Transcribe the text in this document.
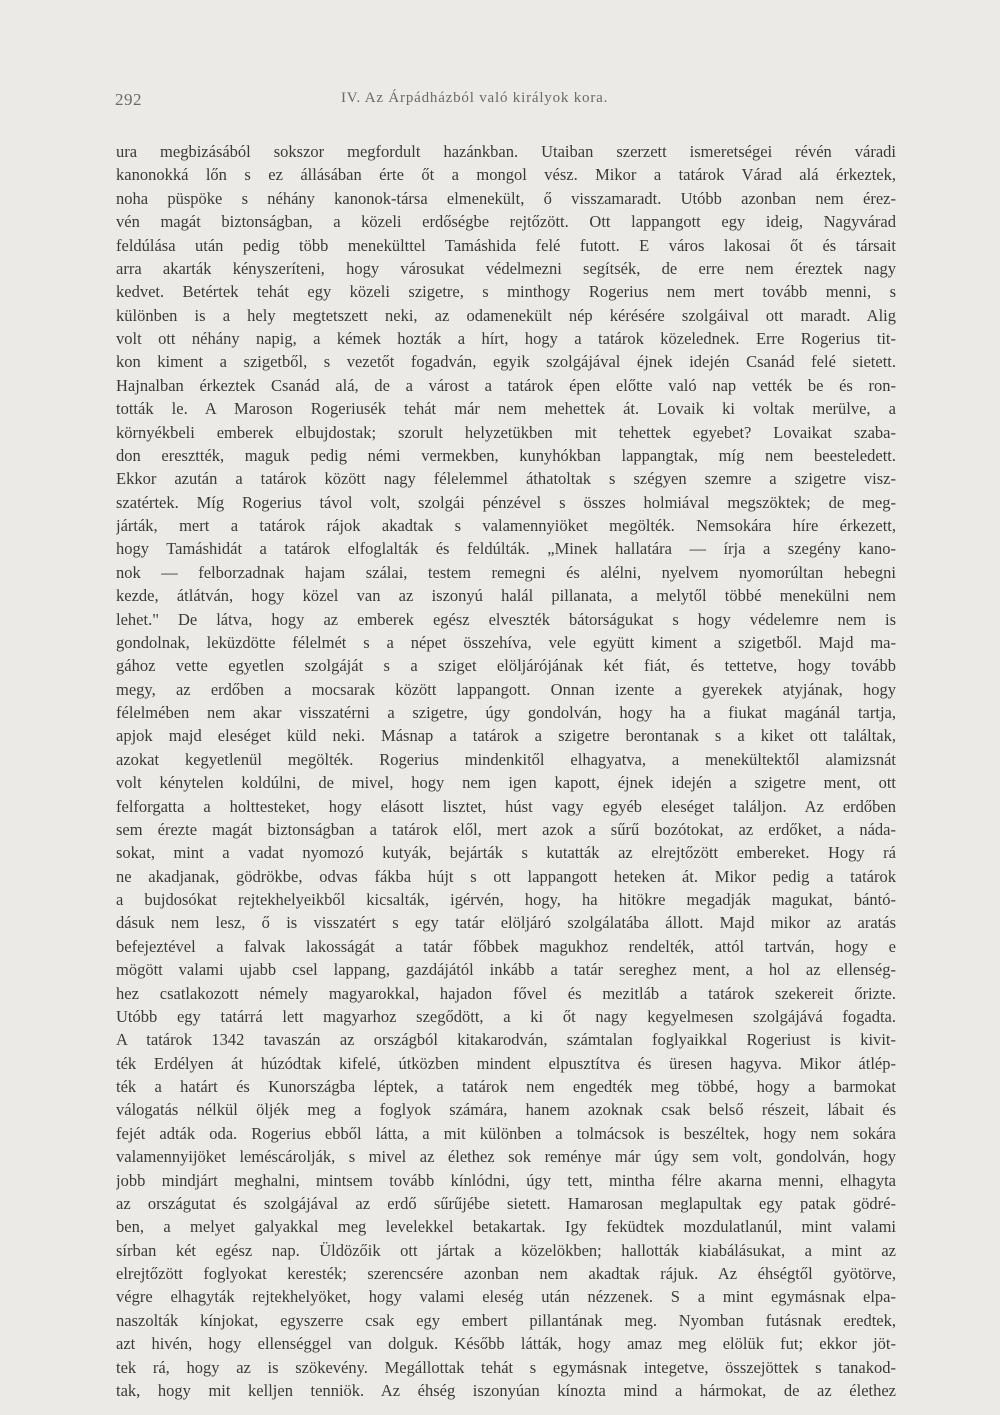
292	IV. Az Árpádházból való királyok kora.
ura megbizásából sokszor megfordult hazánkban. Utaiban szerzett ismeretségei révén váradi
kanonokká lőn s ez állásában érte őt a mongol vész. Mikor a tatárok Várad alá érkeztek,
noha püspöke s néhány kanonok-társa elmenekült, ő visszamaradt. Utóbb azonban nem érez-
vén magát biztonságban, a közeli erdőségbe rejtőzött. Ott lappangott egy ideig, Nagyvárad
feldúlása után pedig több menekülttel Tamáshida felé futott. E város lakosai őt és társait
arra akarták kényszeríteni, hogy városukat védelmezni segítsék, de erre nem éreztek nagy
kedvet. Betértek tehát egy közeli szigetre, s minthogy Rogerius nem mert tovább menni, s
különben is a hely megtetszett neki, az odamenekült nép kérésére szolgáival ott maradt. Alig
volt ott néhány napig, a kémek hozták a hírt, hogy a tatárok közelednek. Erre Rogerius tit-
kon kiment a szigetből, s vezetőt fogadván, egyik szolgájával éjnek idején Csanád felé sietett.
Hajnalban érkeztek Csanád alá, de a várost a tatárok épen előtte való nap vették be és ron-
tották le. A Maroson Rogeriusék tehát már nem mehettek át. Lovaik ki voltak merülve, a
környékbeli emberek elbujdostak; szorult helyzetükben mit tehettek egyebet? Lovaikat szaba-
don eresztték, maguk pedig némi vermekben, kunyhókban lappangtak, míg nem beesteledett.
Ekkor azután a tatárok között nagy félelemmel áthatoltak s szégyen szemre a szigetre visz-
szatértek. Míg Rogerius távol volt, szolgái pénzével s összes holmiával megszöktek; de meg-
járták, mert a tatárok rájok akadtak s valamennyiöket megölték. Nemsokára híre érkezett,
hogy Tamáshidát a tatárok elfoglalták és feldúlták. „Minek hallatára — írja a szegény kano-
nok — felborzadnak hajam szálai, testem remegni és alélni, nyelvem nyomorúltan hebegni
kezde, átlátván, hogy közel van az iszonyú halál pillanata, a melytől többé menekülni nem
lehet." De látva, hogy az emberek egész elveszték bátorságukat s hogy védelemre nem is
gondolnak, leküzdötte félelmét s a népet összehíva, vele együtt kiment a szigetből. Majd ma-
gához vette egyetlen szolgáját s a sziget elöljárójának két fiát, és tettetve, hogy tovább
megy, az erdőben a mocsarak között lappangott. Onnan izente a gyerekek atyjának, hogy
félelmében nem akar visszatérni a szigetre, úgy gondolván, hogy ha a fiukat magánál tartja,
apjok majd eleséget küld neki. Másnap a tatárok a szigetre berontanak s a kiket ott találtak,
azokat kegyetlenül megölték. Rogerius mindenkitől elhagyatva, a menekültektől alamizsnát
volt kénytelen koldúlni, de mivel, hogy nem igen kapott, éjnek idején a szigetre ment, ott
felforgatta a holttesteket, hogy elásott lisztet, húst vagy egyéb eleséget találjon. Az erdőben
sem érezte magát biztonságban a tatárok elől, mert azok a sűrű bozótokat, az erdőket, a náda-
sokat, mint a vadat nyomozó kutyák, bejárták s kutatták az elrejtőzött embereket. Hogy rá
ne akadjanak, gödrökbe, odvas fákba hújt s ott lappangott heteken át. Mikor pedig a tatárok
a bujdosókat rejtekhelyeikből kicsalták, igérvén, hogy, ha hitökre megadják magukat, bántó-
dásuk nem lesz, ő is visszatért s egy tatár elöljáró szolgálatába állott. Majd mikor az aratás
befejeztével a falvak lakosságát a tatár főbbek magukhoz rendelték, attól tartván, hogy e
mögött valami ujabb csel lappang, gazdájától inkább a tatár sereghez ment, a hol az ellenség-
hez csatlakozott némely magyarokkal, hajadon fővel és mezitláb a tatárok szekereit őrizte.
Utóbb egy tatárrá lett magyarhoz szegődött, a ki őt nagy kegyelmesen szolgájává fogadta.
A tatárok 1342 tavaszán az országból kitakarodván, számtalan foglyaikkal Rogeriust is kivit-
ték Erdélyen át húzódtak kifelé, útközben mindent elpusztítva és üresen hagyva. Mikor átlép-
ték a határt és Kunországba léptek, a tatárok nem engedték meg többé, hogy a barmokat
válogatás nélkül öljék meg a foglyok számára, hanem azoknak csak belső részeit, lábait és
fejét adták oda. Rogerius ebből látta, a mit különben a tolmácsok is beszéltek, hogy nem sokára
valamennyijöket leméscárolják, s mivel az élethez sok reménye már úgy sem volt, gondolván, hogy
jobb mindjárt meghalni, mintsem tovább kínlódni, úgy tett, mintha félre akarna menni, elhagyta
az országutat és szolgájával az erdő sűrűjébe sietett. Hamarosan meglapultak egy patak gödré-
ben, a melyet galyakkal meg levelekkel betakartak. Igy feküdtek mozdulatlanúl, mint valami
sírban két egész nap. Üldözőik ott jártak a közelökben; hallották kiabálásukat, a mint az
elrejtőzött foglyokat keresték; szerencsére azonban nem akadtak rájuk. Az éhségtől gyötörve,
végre elhagyták rejtekhelyöket, hogy valami eleség után nézzenek. S a mint egymásnak elpa-
naszolták kínjokat, egyszerre csak egy embert pillantának meg. Nyomban futásnak eredtek,
azt hivén, hogy ellenséggel van dolguk. Később látták, hogy amaz meg elölük fut; ekkor jöt-
tek rá, hogy az is szökevény. Megállottak tehát s egymásnak integetve, összejöttek s tanakod-
tak, hogy mit kelljen tenniök. Az éhség iszonyúan kínozta mind a hármokat, de az élethez
